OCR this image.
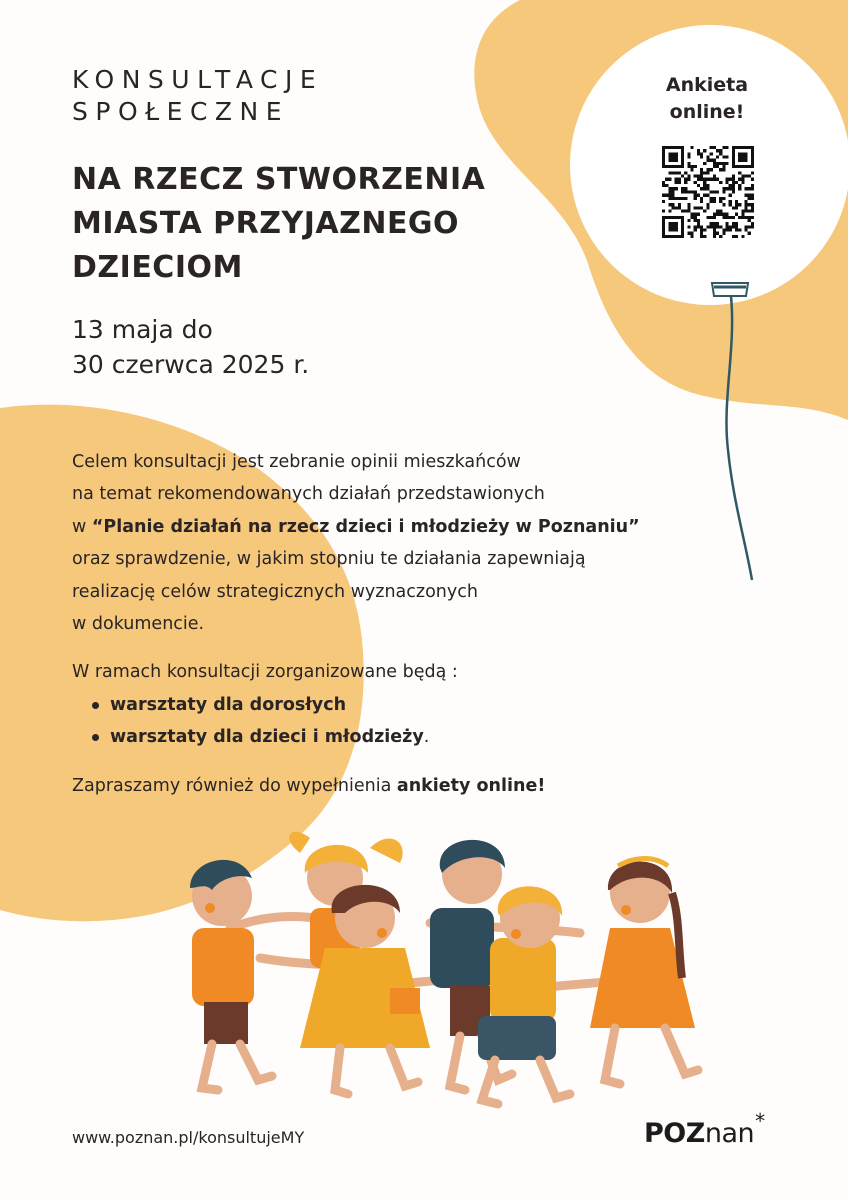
KONSULTACJE
SPOŁECZNE
NA RZECZ STWORZENIA
MIASTA PRZYJAZNEGO
DZIECIOM
13 maja do
30 czerwca 2025 r.
Ankieta
online!

Celem konsultacji jest zebranie opinii mieszkańców
na temat rekomendowanych działań przedstawionych
w “Planie działań na rzecz dzieci i młodzieży w Poznaniu”
oraz sprawdzenie, w jakim stopniu te działania zapewniają
realizację celów strategicznych wyznaczonych
w dokumencie.

W ramach konsultacji zorganizowane będą :

warsztaty dla dorosłych
warsztaty dla dzieci i młodzieży.

Zapraszamy również do wypełnienia ankiety online!

www.poznan.pl/konsultujeMY	POZnan*
